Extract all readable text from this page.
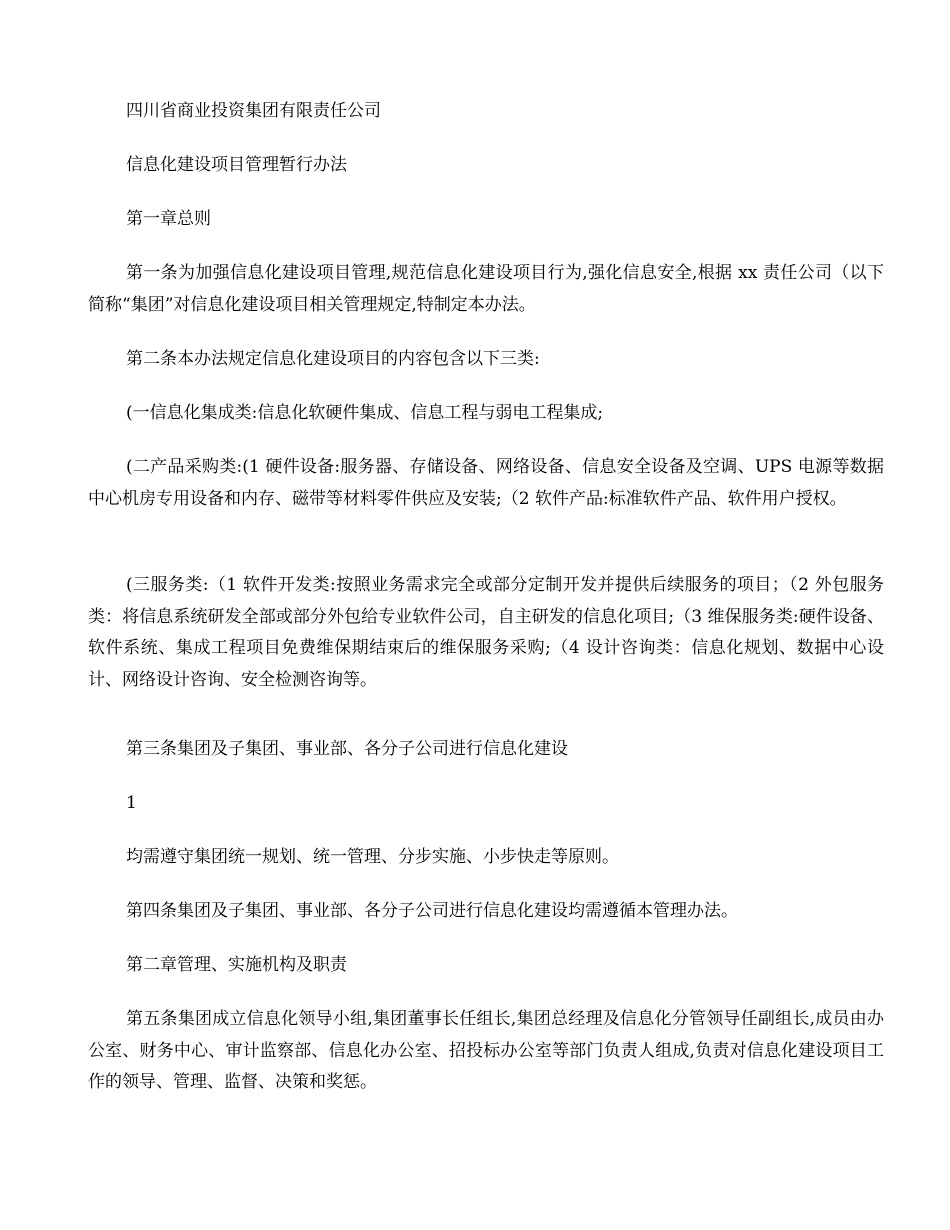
四川省商业投资集团有限责任公司

信息化建设项目管理暂行办法

第一章总则

第一条为加强信息化建设项目管理,规范信息化建设项目行为,强化信息安全,根据 xx 责任公司（以下简称“集团”对信息化建设项目相关管理规定,特制定本办法。

第二条本办法规定信息化建设项目的内容包含以下三类:

(一信息化集成类:信息化软硬件集成、信息工程与弱电工程集成;

(二产品采购类:(1 硬件设备:服务器、存储设备、网络设备、信息安全设备及空调、UPS 电源等数据中心机房专用设备和内存、磁带等材料零件供应及安装;（2 软件产品:标准软件产品、软件用户授权。

(三服务类:（1 软件开发类:按照业务需求完全或部分定制开发并提供后续服务的项目；（2 外包服务类：将信息系统研发全部或部分外包给专业软件公司，自主研发的信息化项目;（3 维保服务类:硬件设备、软件系统、集成工程项目免费维保期结束后的维保服务采购;（4 设计咨询类：信息化规划、数据中心设计、网络设计咨询、安全检测咨询等。

第三条集团及子集团、事业部、各分子公司进行信息化建设

1

均需遵守集团统一规划、统一管理、分步实施、小步快走等原则。

第四条集团及子集团、事业部、各分子公司进行信息化建设均需遵循本管理办法。

第二章管理、实施机构及职责

第五条集团成立信息化领导小组,集团董事长任组长,集团总经理及信息化分管领导任副组长,成员由办公室、财务中心、审计监察部、信息化办公室、招投标办公室等部门负责人组成,负责对信息化建设项目工作的领导、管理、监督、决策和奖惩。
